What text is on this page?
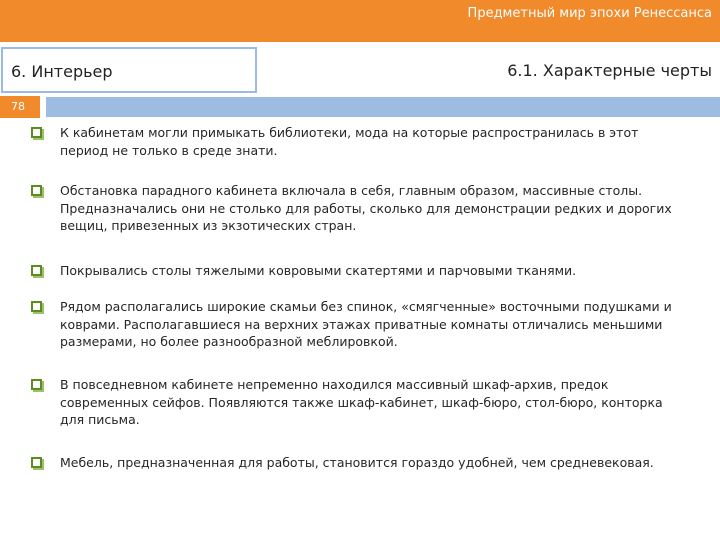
Предметный мир эпохи Ренессанса
6. Интерьер	6.1. Характерные черты
78
К кабинетам могли примыкать библиотеки, мода на которые распространилась в этот период не только в среде знати.
Обстановка парадного кабинета включала в себя, главным образом, массивные столы. Предназначались они не столько для работы, сколько для демонстрации редких и дорогих вещиц, привезенных из экзотических стран.
Покрывались столы тяжелыми ковровыми скатертями и парчовыми тканями.
Рядом располагались широкие скамьи без спинок, «смягченные» восточными подушками и коврами. Располагавшиеся на верхних этажах приватные комнаты отличались меньшими размерами, но более разнообразной меблировкой.
В повседневном кабинете непременно находился массивный шкаф-архив, предок современных сейфов. Появляются также шкаф-кабинет, шкаф-бюро, стол-бюро, конторка для письма.
Мебель, предназначенная для работы, становится гораздо удобней, чем средневековая.
